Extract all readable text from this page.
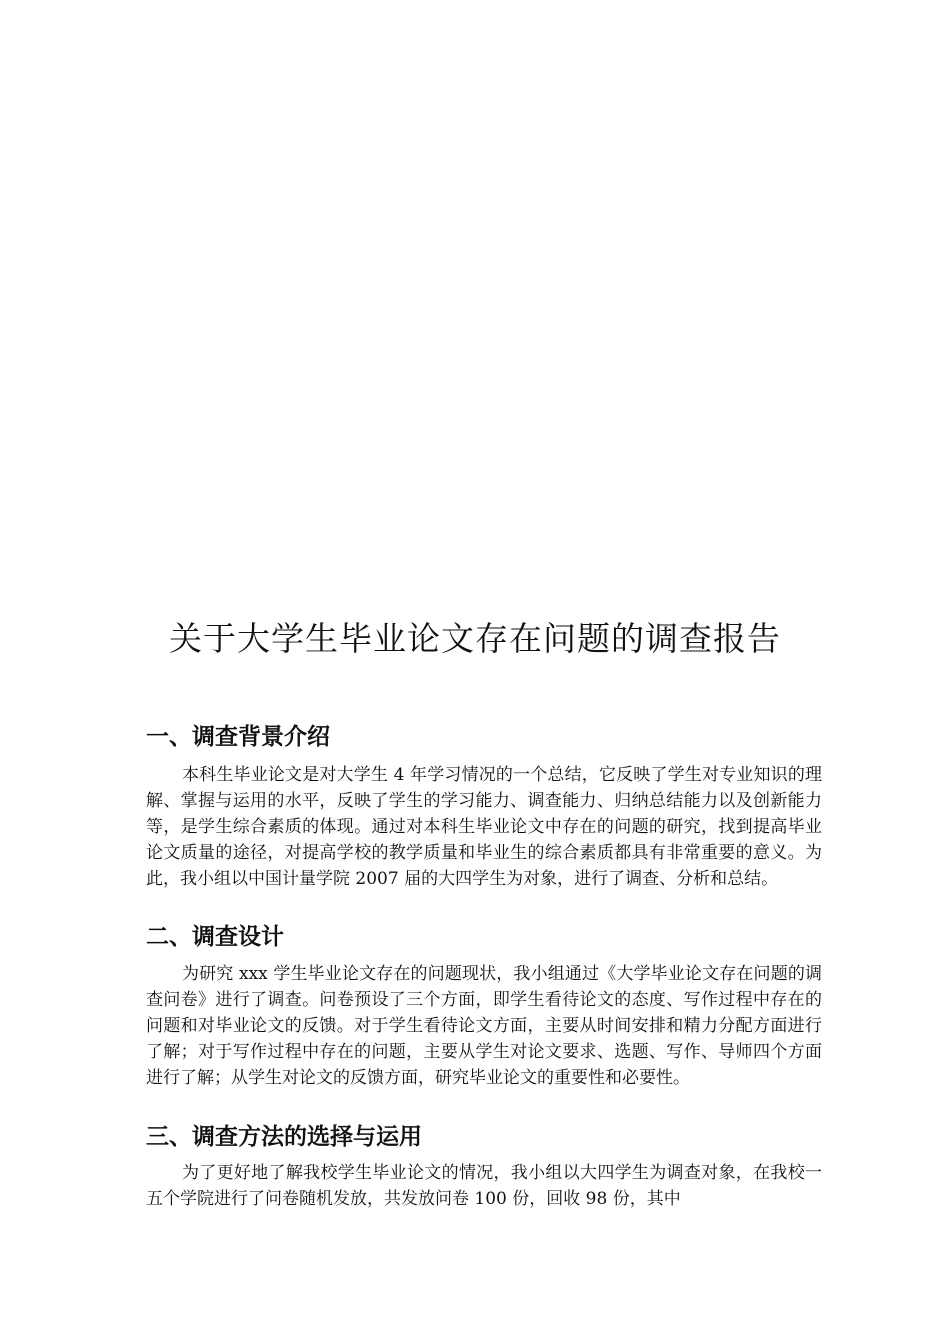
关于大学生毕业论文存在问题的调查报告
一、调查背景介绍

本科生毕业论文是对大学生 4 年学习情况的一个总结，它反映了学生对专业知识的理解、掌握与运用的水平，反映了学生的学习能力、调查能力、归纳总结能力以及创新能力等，是学生综合素质的体现。通过对本科生毕业论文中存在的问题的研究，找到提高毕业论文质量的途径，对提高学校的教学质量和毕业生的综合素质都具有非常重要的意义。为此，我小组以中国计量学院 2007 届的大四学生为对象，进行了调查、分析和总结。

二、调查设计

为研究 xxx 学生毕业论文存在的问题现状，我小组通过《大学毕业论文存在问题的调查问卷》进行了调查。问卷预设了三个方面，即学生看待论文的态度、写作过程中存在的问题和对毕业论文的反馈。对于学生看待论文方面，主要从时间安排和精力分配方面进行了解；对于写作过程中存在的问题，主要从学生对论文要求、选题、写作、导师四个方面进行了解；从学生对论文的反馈方面，研究毕业论文的重要性和必要性。

三、调查方法的选择与运用

为了更好地了解我校学生毕业论文的情况，我小组以大四学生为调查对象，在我校一五个学院进行了问卷随机发放，共发放问卷 100 份，回收 98 份，其中
